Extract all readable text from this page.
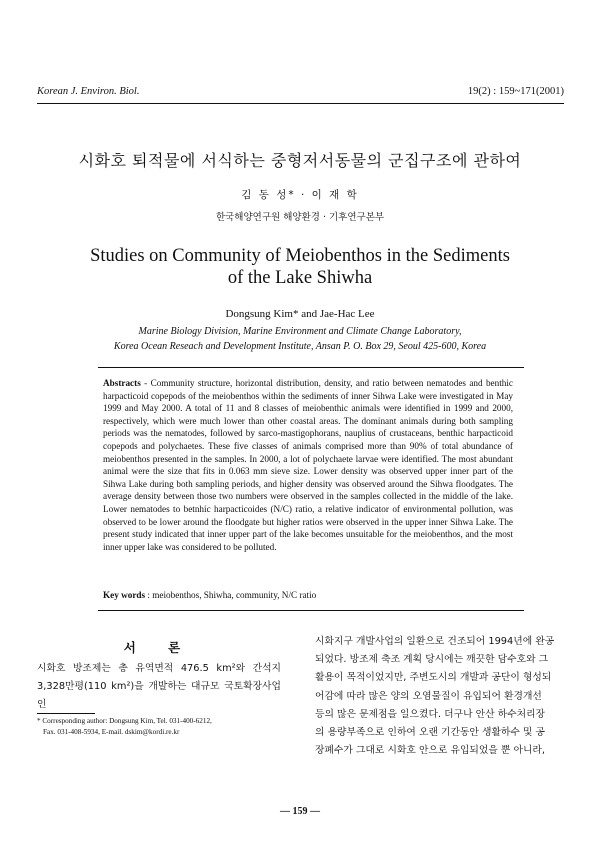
Korean J. Environ. Biol.	19(2) : 159~171(2001)
시화호 퇴적물에 서식하는 중형저서동물의 군집구조에 관하여
김 동 성* · 이 재 학
한국해양연구원 해양환경 · 기후연구본부
Studies on Community of Meiobenthos in the Sediments
of the Lake Shiwha
Dongsung Kim* and Jae-Hac Lee
Marine Biology Division, Marine Environment and Climate Change Laboratory,
Korea Ocean Reseach and Development Institute, Ansan P. O. Box 29, Seoul 425-600, Korea
Abstracts - Community structure, horizontal distribution, density, and ratio between nematodes and benthic harpacticoid copepods of the meiobenthos within the sediments of inner Sihwa Lake were investigated in May 1999 and May 2000. A total of 11 and 8 classes of meiobenthic animals were identified in 1999 and 2000, respectively, which were much lower than other coastal areas. The dominant animals during both sampling periods was the nematodes, followed by sarco-mastigophorans, nauplius of crustaceans, benthic harpacticoid copepods and polychaetes. These five classes of animals comprised more than 90% of total abundance of meiobenthos presented in the samples. In 2000, a lot of polychaete larvae were identified. The most abundant animal were the size that fits in 0.063 mm sieve size. Lower density was observed upper inner part of the Sihwa Lake during both sampling periods, and higher density was observed around the Sihwa floodgates. The average density between those two numbers were observed in the samples collected in the middle of the lake. Lower nematodes to betnhic harpacticoides (N/C) ratio, a relative indicator of environmental pollution, was observed to be lower around the floodgate but higher ratios were observed in the upper inner Sihwa Lake. The present study indicated that inner upper part of the lake becomes unsuitable for the meiobenthos, and the most inner upper lake was considered to be polluted.
Key words : meiobenthos, Shiwha, community, N/C ratio
서 론
시화호 방조제는 총 유역면적 476.5 km²와 간석지 3,328만평(110 km²)을 개발하는 대규모 국토확장사업인
* Corresponding author: Dongsung Kim, Tel. 031-400-6212,
Fax. 031-408-5934, E-mail. dskim@kordi.re.kr
시화지구 개발사업의 일환으로 건조되어 1994년에 완공
되었다. 방조제 축조 계획 당시에는 깨끗한 담수호와 그
활용이 목적이었지만, 주변도시의 개발과 공단이 형성되
어감에 따라 많은 양의 오염물질이 유입되어 환경개선
등의 많은 문제점을 일으켰다. 더구나 안산 하수처리장
의 용량부족으로 인하여 오랜 기간동안 생활하수 및 공
장폐수가 그대로 시화호 안으로 유입되었을 뿐 아니라,
— 159 —
